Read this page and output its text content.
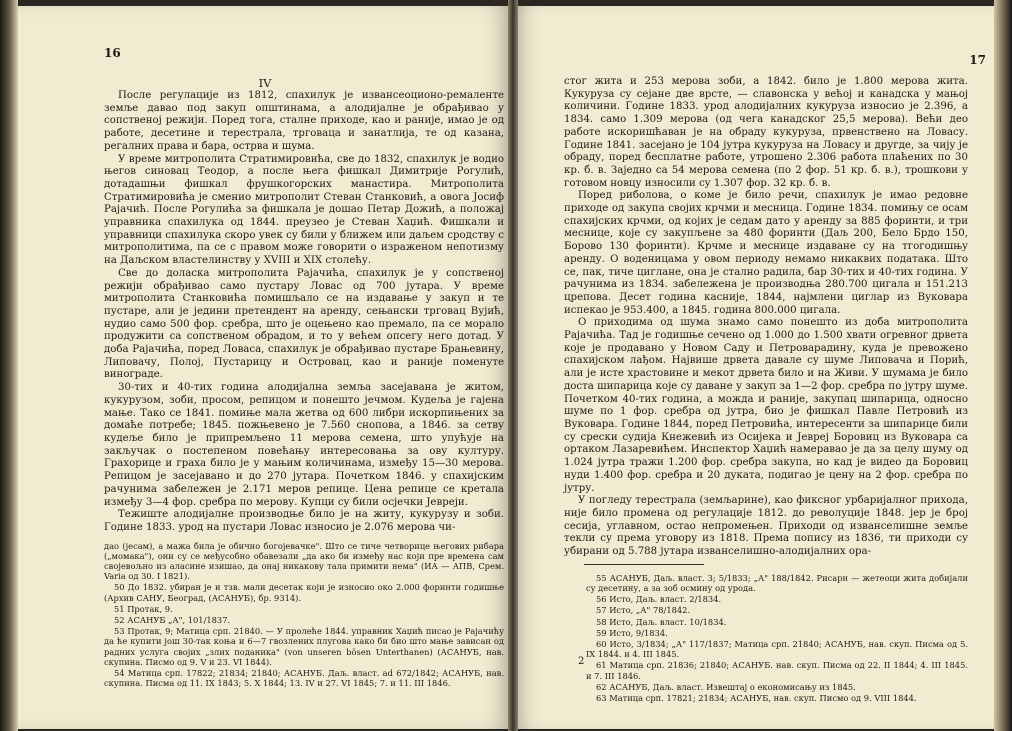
16
IV

После регулације из 1812, спахилук је извансеоционо-ремаленте земље давао под закуп општинама, а алодијалне је обрађивао у сопственој режији. Поред тога, сталне приходе, као и раније, имао је од работе, десетине и терестрала, трговаца и занатлија, те од казана, регалних права и бара, острва и шума.

У време митрополита Стратимировића, све до 1832, спахилук је водио његов синовац Теодор, а после њега фишкал Димитрије Рогулић, дотадашњи фишкал фрушкогорских манастира. Митрополита Стратимировића је сменио митрополит Стеван Станковић, а овога Јосиф Рајачић. После Рогулића за фишкала је дошао Петар Дожић, а положај управника спахилука од 1844. преузео је Стеван Хаџић. Фишкали и управници спахилука скоро увек су били у ближем или даљем сродству с митрополитима, па се с правом може говорити о израженом непотизму на Даљском властелинству у XVIII и XIX столећу.

Све до доласка митрополита Рајачића, спахилук је у сопственој режији обрађивао само пустару Ловас од 700 јутара. У време митрополита Станковића помишљало се на издавање у закуп и те пустаре, али је једини претендент на аренду, сењански трговац Вујић, нудио само 500 фор. сребра, што је оцењено као премало, па се морало продужити са сопственом обрадом, и то у већем опсегу него дотад. У доба Рајачића, поред Ловаса, спахилук је обрађивао пустаре Брањевину, Липовачу, Полој, Пустарицу и Островац, као и раније поменуте винограде.

30-тих и 40-тих година алодијална земља засејавана је житом, кукурузом, зоби, просом, репицом и понешто јечмом. Кудеља је гајена мање. Тако се 1841. помиње мала жетва од 600 либри искорпињених за домаће потребе; 1845. пожњевено је 7.560 снопова, а 1846. за сетву кудеље било је припремљено 11 мерова семена, што упућује на закључак о постепеном повећању интересовања за ову културу. Грахорице и граха било је у мањим количинама, између 15—30 мерова. Репицом је засејавано и до 270 јутара. Почетком 1846. у спахијским рачунима забележен је 2.171 меров репице. Цена репице се кретала између 3—4 фор. сребра по мерову. Купци су били осјечки Јевреји.

Тежиште алодијалне производње било је на житу, кукурузу и зоби. Године 1833. урод на пустари Ловас износио је 2.076 мерова чи-

дао (јесам), а мажа била је обично богојевачке". Што се тиче четворице његових рибара („момака"), они су се међусобно обавезали „да ако би између нас који пре времена сам својевољно из аласине изишао, да онај никакову тала примити нема" (ИА — АПВ, Срем. Varia од 30. I 1821).

50 До 1832. убиран је и тзв. мали десетак који је износио око 2.000 форинти годишње (Архив САНУ, Београд, (АСАНУБ), бр. 9314).

51 Протак, 9.

52 АСАНУБ „А", 101/1837.

53 Протак, 9; Матица срп. 21840. — У пролеће 1844. управник Хаџић писао је Рајачићу да ће купити још 30-так коња и 6—7 гвозлених плугова како би био што мање зависан од радних услуга својих „злих поданика" (von unseren bösen Unterthanen) (АСАНУБ, нав. скупина. Писмо од 9. V и 23. VI 1844).

54 Матица срп. 17822; 21834; 21840; АСАНУБ. Даљ. власт. ad 672/1842; АСАНУБ, нав. скупина. Писма од 11. IX 1843; 5. X 1844; 13. IV и 27. VI 1845; 7. и 11. III 1846.

17

стог жита и 253 мерова зоби, а 1842. било је 1.800 мерова жита. Кукуруза су сејане две врсте, — славонска у већој и канадска у мањој количини. Године 1833. урод алодијалних кукуруза износио је 2.396, а 1834. само 1.309 мерова (од чега канадског 25,5 мерова). Већи део работе искоришћаван је на обраду кукуруза, првенствено на Ловасу. Године 1841. засејано је 104 јутра кукуруза на Ловасу и другде, за чију је обраду, поред бесплатне работе, утрошено 2.306 работа плаћених по 30 кр. б. в. Заједно са 54 мерова семена (по 2 фор. 51 кр. б. в.), трошкови у готовом новцу износили су 1.307 фор. 32 кр. б. в.

Поред риболова, о коме је било речи, спахилук је имао редовне приходе од закупа својих крчми и месница. Године 1834. помињу се осам спахијских крчми, од којих је седам дато у аренду за 885 форинти, и три меснице, које су закупљене за 480 форинти (Даљ 200, Бело Брдо 150, Борово 130 форинти). Крчме и меснице издаване су на тгогодишњу аренду. О воденицама у овом периоду немамо никаквих података. Што се, пак, тиче циглане, она је стално радила, бар 30-тих и 40-тих година. У рачунима из 1834. забележена је производња 280.700 цигала и 151.213 црепова. Десет година касније, 1844, најмлени циглар из Вуковара испекао је 953.400, а 1845. година 800.000 цигала.

О приходима од шума знамо само понешто из доба митрополита Рајачића. Тад је годишње сечено од 1.000 до 1.500 хвати огревног дрвета које је продавано у Новом Саду и Петроварадину, куда је превожено спахијском лађом. Највише дрвета давале су шуме Липовача и Порић, али је исте храстовине и мекот дрвета било и на Живи. У шумама је било доста шипарица које су даване у закуп за 1—2 фор. сребра по јутру шуме. Почетком 40-тих година, а можда и раније, закупац шипарица, односно шуме по 1 фор. сребра од јутра, био је фишкал Павле Петровић из Вуковара. Године 1844, поред Петровића, интересенти за шипарице били су срески судија Кнежевић из Осијека и Јевреј Боровиц из Вуковара са ортаком Лазаревићем. Инспектор Хаџић намеравао је да за целу шуму од 1.024 јутра тражи 1.200 фор. сребра закупа, но кад је видео да Боровиц нуди 1.400 фор. сребра и 20 дуката, подигао је цену на 2 фор. сребра по јутру.

У погледу терестрала (земљарине), као фиксног урбаријалног прихода, није било промена од регулације 1812. до револуције 1848. јер је број сесија, углавном, остао непромењен. Приходи од изванселишне земље текли су према уговору из 1818. Према попису из 1836, ти приходи су убирани од 5.788 јутара изванселишно-алодијалних ора-

55 АСАНУБ, Даљ. власт. 3; 5/1833; „А" 188/1842. Рисарн — жетеоци жита добијали су десетину, а за зоб осмину од урода.

56 Исто, Даљ. власт. 2/1834.

57 Исто, „А" 78/1842.

58 Исто, Даљ. власт. 10/1834.

59 Исто, 9/1834.

60 Исто, 3/1834; „А" 117/1837; Матица срп. 21840; АСАНУБ, нав. скуп. Писма од 5. IX 1844. и 4. III 1845.

61 Матица срп. 21836; 21840; АСАНУБ. нав. скуп. Писма од 22. II 1844; 4. III 1845. и 7. III 1846.

62 АСАНУБ, Даљ. власт. Извештај о економисању из 1845.

63 Матица срп. 17821; 21834; АСАНУБ, нав. скуп. Писмо од 9. VIII 1844.

2
